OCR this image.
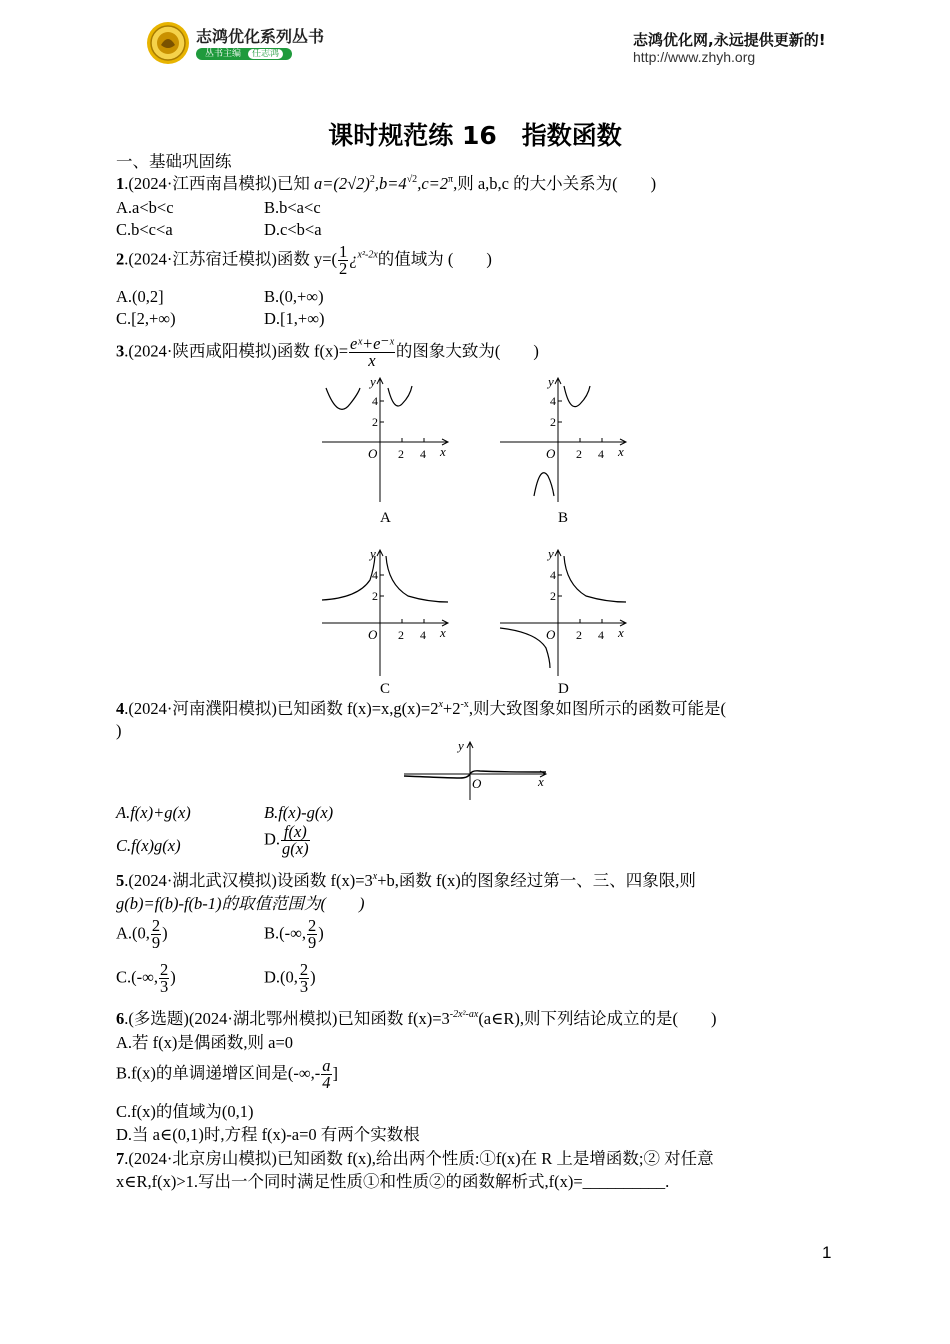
志鸿优化系列丛书
丛书主编	任志鸿
志鸿优化网,永远提供更新的!
http://www.zhyh.org
课时规范练 16　指数函数
一、基础巩固练
1.(2024·江西南昌模拟)已知 $a=(2√2)^2,b=4^{√2},c=2^\pi$,则 a,b,c 的大小关系为(　　)
A.a<b<c	B.b<a<c
C.b<c<a	D.c<b<a
2.(2024·江苏宿迁模拟)函数 $y=( \frac{1}{2}$ ¿$^{x^2-2x}$的值域为 (　　)
A.(0,2]	B.(0,+∞)
C.[2,+∞)	D.[1,+∞)
3.(2024·陕西咸阳模拟)函数 $f(x)= \frac{\text{eˣ+e⁻ˣ}}{x}$ 的图象大致为(　　)
y
x
O 2 4
2
4
A
y
x
O 2 4
2
4
B
y
x
O 2 4
2
4
C
y
x
O 2 4
2
4
D
4.(2024·河南濮阳模拟)已知函数 $f(x)=x,g(x)=2^x+2^{-x}$,则大致图象如图所示的函数可能是(
)
y
O	x
A.f(x)+g(x)	B.f(x)-g(x)
C.f(x)g(x)	D. $\frac{f(x)}{g(x)}$
5.(2024·湖北武汉模拟)设函数 $f(x)=3^x+b$,函数 f(x)的图象经过第一、三、四象限,则
g(b)=f(b)-f(b-1)的取值范围为(　　)
A.(0, $\frac{2}{9}$ )	B.(-∞, $\frac{2}{9}$ )
C.(-∞, $\frac{2}{3}$ )	D.(0, $\frac{2}{3}$ )
6.(多选题)(2024·湖北鄂州模拟)已知函数 $f(x)=3^{-2x^2-ax}(a\in R)$,则下列结论成立的是(　　)
A.若 f(x)是偶函数,则 a=0
B.f(x)的单调递增区间是(-∞,- $\frac{a}{4}$ ]
C.f(x)的值域为(0,1)
D.当 a∈(0,1)时,方程 f(x)-a=0 有两个实数根
7.(2024·北京房山模拟)已知函数 f(x),给出两个性质:①f(x)在 R 上是增函数;② 对任意
x∈R,f(x)>1.写出一个同时满足性质①和性质②的函数解析式,f(x)=__________.
1
